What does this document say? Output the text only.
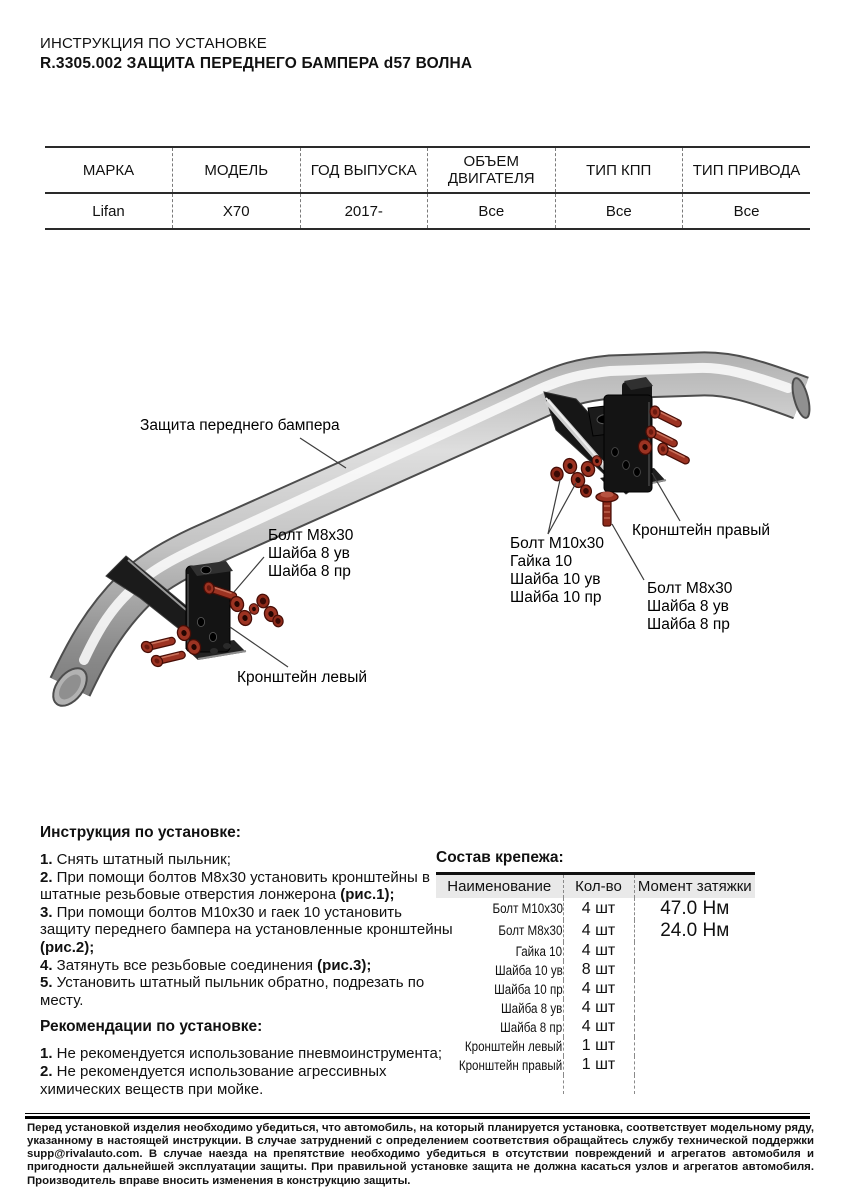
ИНСТРУКЦИЯ ПО УСТАНОВКЕ
R.3305.002 ЗАЩИТА ПЕРЕДНЕГО БАМПЕРА d57 ВОЛНА
МАРКА	МОДЕЛЬ	ГОД ВЫПУСКА	ОБЪЕМ ДВИГАТЕЛЯ	ТИП КПП	ТИП ПРИВОДА
Lifan	X70	2017-	Все	Все	Все
Защита переднего бампера
Болт М8х30
Шайба 8 ув
Шайба 8 пр
Кронштейн левый
Болт М10х30
Гайка 10
Шайба 10 ув
Шайба 10 пр
Кронштейн правый
Болт М8х30
Шайба 8 ув
Шайба 8 пр
Инструкция по установке:

1. Снять штатный пыльник;

2. При помощи болтов М8х30 установить кронштейны в штатные резьбовые отверстия лонжерона (рис.1);

3. При помощи болтов М10х30 и гаек 10 установить защиту переднего бампера на установленные кронштейны (рис.2);

4. Затянуть все резьбовые соединения (рис.3);

5. Установить штатный пыльник обратно, подрезать по месту.

Рекомендации по установке:

1. Не рекомендуется использование пневмоинструмента;

2. Не рекомендуется использование агрессивных химических веществ при мойке.

Состав крепежа:
Наименование	Кол-во	Момент затяжки
Болт М10х30	4 шт	47.0 Нм
Болт М8х30	4 шт	24.0 Нм
Гайка 10	4 шт	
Шайба 10 ув	8 шт	
Шайба 10 пр	4 шт	
Шайба 8 ув	4 шт	
Шайба 8 пр	4 шт	
Кронштейн левый	1 шт	
Кронштейн правый	1 шт	

Перед установкой изделия необходимо убедиться, что автомобиль, на который планируется установка, соответствует модельному ряду, указанному в настоящей инструкции. В случае затруднений с определением соответствия обращайтесь службу технической поддержки supp@rivalauto.com. В случае наезда на препятствие необходимо убедиться в отсутствии повреждений и агрегатов автомобиля и пригодности дальнейшей эксплуатации защиты. При правильной установке защита не должна касаться узлов и агрегатов автомобиля. Производитель вправе вносить изменения в конструкцию защиты.
